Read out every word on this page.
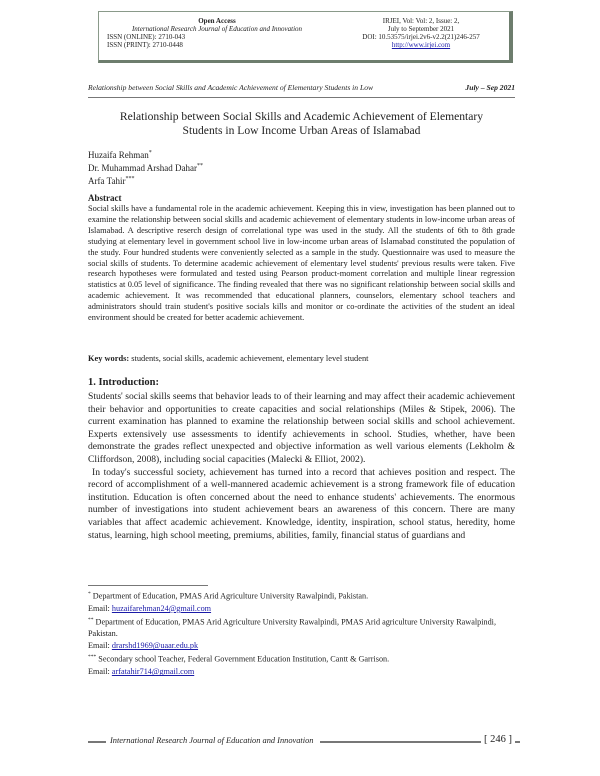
Open Access
International Research Journal of Education and Innovation
ISSN (ONLINE): 2710-043
ISSN (PRINT): 2710-0448
IRJEI, Vol: Vol: 2, Issue: 2,
July to September 2021
DOI: 10.53575/irjei.2v6-v2.2(21)246-257
http://www.irjei.com
Relationship between Social Skills and Academic Achievement of Elementary Students in Low	July – Sep 2021
Relationship between Social Skills and Academic Achievement of Elementary
Students in Low Income Urban Areas of Islamabad
Huzaifa Rehman*
Dr. Muhammad Arshad Dahar**
Arfa Tahir***
Abstract
Social skills have a fundamental role in the academic achievement. Keeping this in view, investigation has been planned out to examine the relationship between social skills and academic achievement of elementary students in low-income urban areas of Islamabad. A descriptive reserch design of correlational type was used in the study. All the students of 6th to 8th grade studying at elementary level in government school live in low-income urban areas of Islamabad constituted the population of the study. Four hundred students were conveniently selected as a sample in the study. Questionnaire was used to measure the social skills of students. To determine academic achievement of elementary level students' previous results were taken. Five research hypotheses were formulated and tested using Pearson product-moment correlation and multiple linear regression statistics at 0.05 level of significance. The finding revealed that there was no significant relationship between social skills and academic achievement. It was recommended that educational planners, counselors, elementary school teachers and administrators should train student's positive socials kills and monitor or co-ordinate the activities of the student an ideal environment should be created for better academic achievement.
Key words: students, social skills, academic achievement, elementary level student
1. Introduction:

Students' social skills seems that behavior leads to of their learning and may affect their academic achievement their behavior and opportunities to create capacities and social relationships (Miles & Stipek, 2006). The current examination has planned to examine the relationship between social skills and school achievement. Experts extensively use assessments to identify achievements in school. Studies, whether, have been demonstrate the grades reflect unexpected and objective information as well various elements (Lekholm & Cliffordson, 2008), including social capacities (Malecki & Elliot, 2002).

In today's successful society, achievement has turned into a record that achieves position and respect. The record of accomplishment of a well-mannered academic achievement is a strong framework file of education institution. Education is often concerned about the need to enhance students' achievements. The enormous number of investigations into student achievement bears an awareness of this concern. There are many variables that affect academic achievement. Knowledge, identity, inspiration, school status, heredity, home status, learning, high school meeting, premiums, abilities, family, financial status of guardians and

* Department of Education, PMAS Arid Agriculture University Rawalpindi, Pakistan.

Email: huzaifarehman24@gmail.com

** Department of Education, PMAS Arid Agriculture University Rawalpindi, PMAS Arid agriculture University Rawalpindi, Pakistan.

Email: drarshd1969@uaar.edu.pk

*** Secondary school Teacher, Federal Government Education Institution, Cantt & Garrison.

Email: arfatahir714@gmail.com

International Research Journal of Education and Innovation	[ 246 ]
